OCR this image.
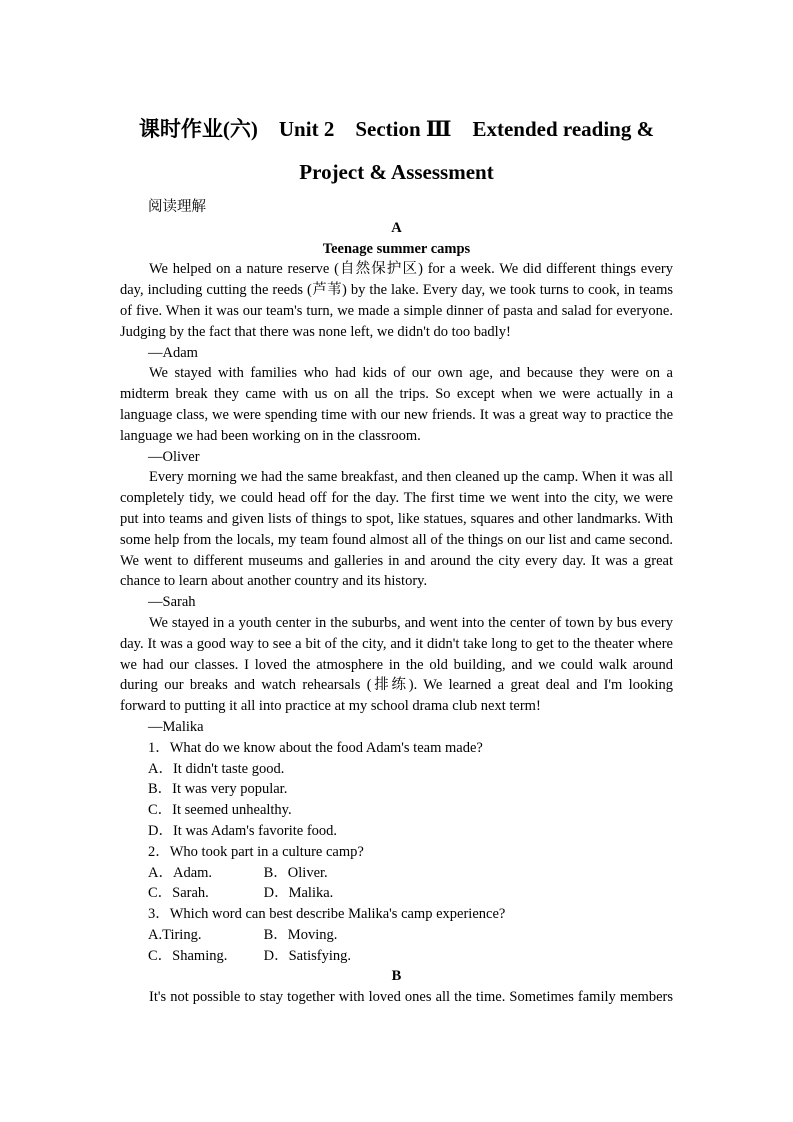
课时作业(六)　Unit 2　Section Ⅲ　Extended reading &
Project & Assessment
阅读理解
A
Teenage summer camps

We helped on a nature reserve (自然保护区) for a week. We did different things every day, including cutting the reeds (芦苇) by the lake. Every day, we took turns to cook, in teams of five. When it was our team's turn, we made a simple dinner of pasta and salad for everyone. Judging by the fact that there was none left, we didn't do too badly!

—Adam

We stayed with families who had kids of our own age, and because they were on a midterm break they came with us on all the trips. So except when we were actually in a language class, we were spending time with our new friends. It was a great way to practice the language we had been working on in the classroom.

—Oliver

Every morning we had the same breakfast, and then cleaned up the camp. When it was all completely tidy, we could head off for the day. The first time we went into the city, we were put into teams and given lists of things to spot, like statues, squares and other landmarks. With some help from the locals, my team found almost all of the things on our list and came second. We went to different museums and galleries in and around the city every day. It was a great chance to learn about another country and its history.

—Sarah

We stayed in a youth center in the suburbs, and went into the center of town by bus every day. It was a good way to see a bit of the city, and it didn't take long to get to the theater where we had our classes. I loved the atmosphere in the old building, and we could walk around during our breaks and watch rehearsals (排练). We learned a great deal and I'm looking forward to putting it all into practice at my school drama club next term!

—Malika
1．What do we know about the food Adam's team made?
A．It didn't taste good.
B．It was very popular.
C．It seemed unhealthy.
D．It was Adam's favorite food.
2．Who took part in a culture camp?
A．Adam.	B．Oliver.
C．Sarah.	D．Malika.
3．Which word can best describe Malika's camp experience?
A.Tiring.	B．Moving.
C．Shaming.	D．Satisfying.
B

It's not possible to stay together with loved ones all the time. Sometimes family members
